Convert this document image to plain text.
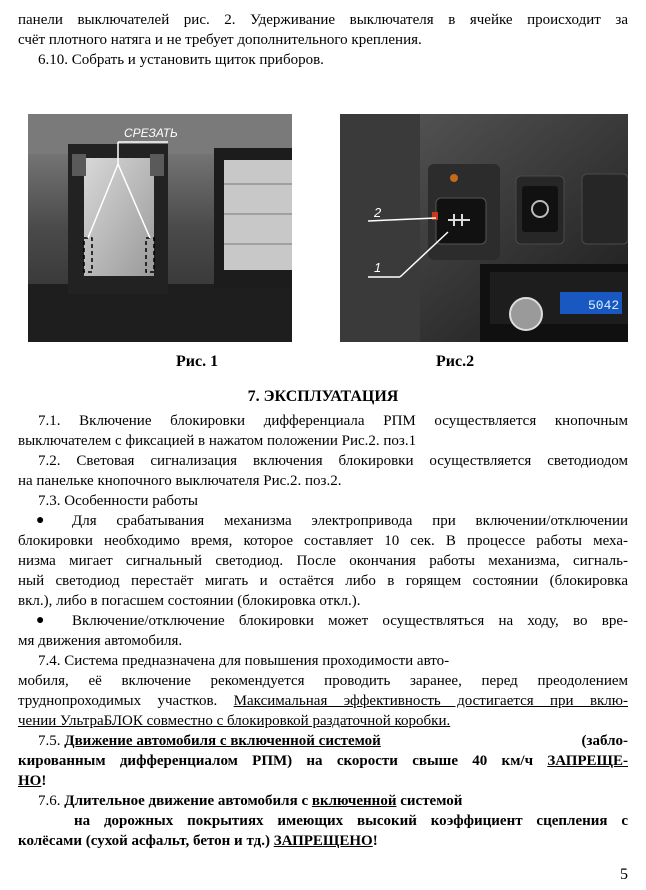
панели выключателей рис. 2. Удерживание выключателя в ячейке происходит за
счёт плотного натяга и не требует дополнительного крепления.
6.10. Собрать и установить щиток приборов.
СРЕЗАТЬ
5042
2
1
Рис. 1	Рис.2
7. ЭКСПЛУАТАЦИЯ
7.1. Включение блокировки дифференциала РПМ осуществляется кнопочным
выключателем с фиксацией в нажатом положении Рис.2. поз.1
7.2. Световая сигнализация включения блокировки осуществляется светодиодом
на панельке кнопочного выключателя Рис.2. поз.2.
7.3. Особенности работы
●	Для срабатывания механизма электропривода при включении/отключении
блокировки необходимо время, которое составляет 10 сек. В процессе работы меха-
низма мигает сигнальный светодиод. После окончания работы механизма, сигналь-
ный светодиод перестаёт мигать и остаётся либо в горящем состоянии (блокировка
вкл.), либо в погасшем состоянии (блокировка откл.).
●	Включение/отключение блокировки может осуществляться на ходу, во вре-
мя движения автомобиля.
7.4. Система предназначена для повышения проходимости авто-
мобиля, её включение рекомендуется проводить заранее, перед преодолением
труднопроходимых участков. Максимальная эффективность достигается при вклю-
чении УльтраБЛОК совместно с блокировкой раздаточной коробки.
7.5. Движение автомобиля с включенной системой	(забло-
кированным дифференциалом РПМ) на скорости свыше 40 км/ч ЗАПРЕЩЕ-
НО!
7.6. Длительное движение автомобиля с включенной системой
на дорожных покрытиях имеющих высокий коэффициент сцепления с
колёсами (сухой асфальт, бетон и тд.) ЗАПРЕЩЕНО!
5
